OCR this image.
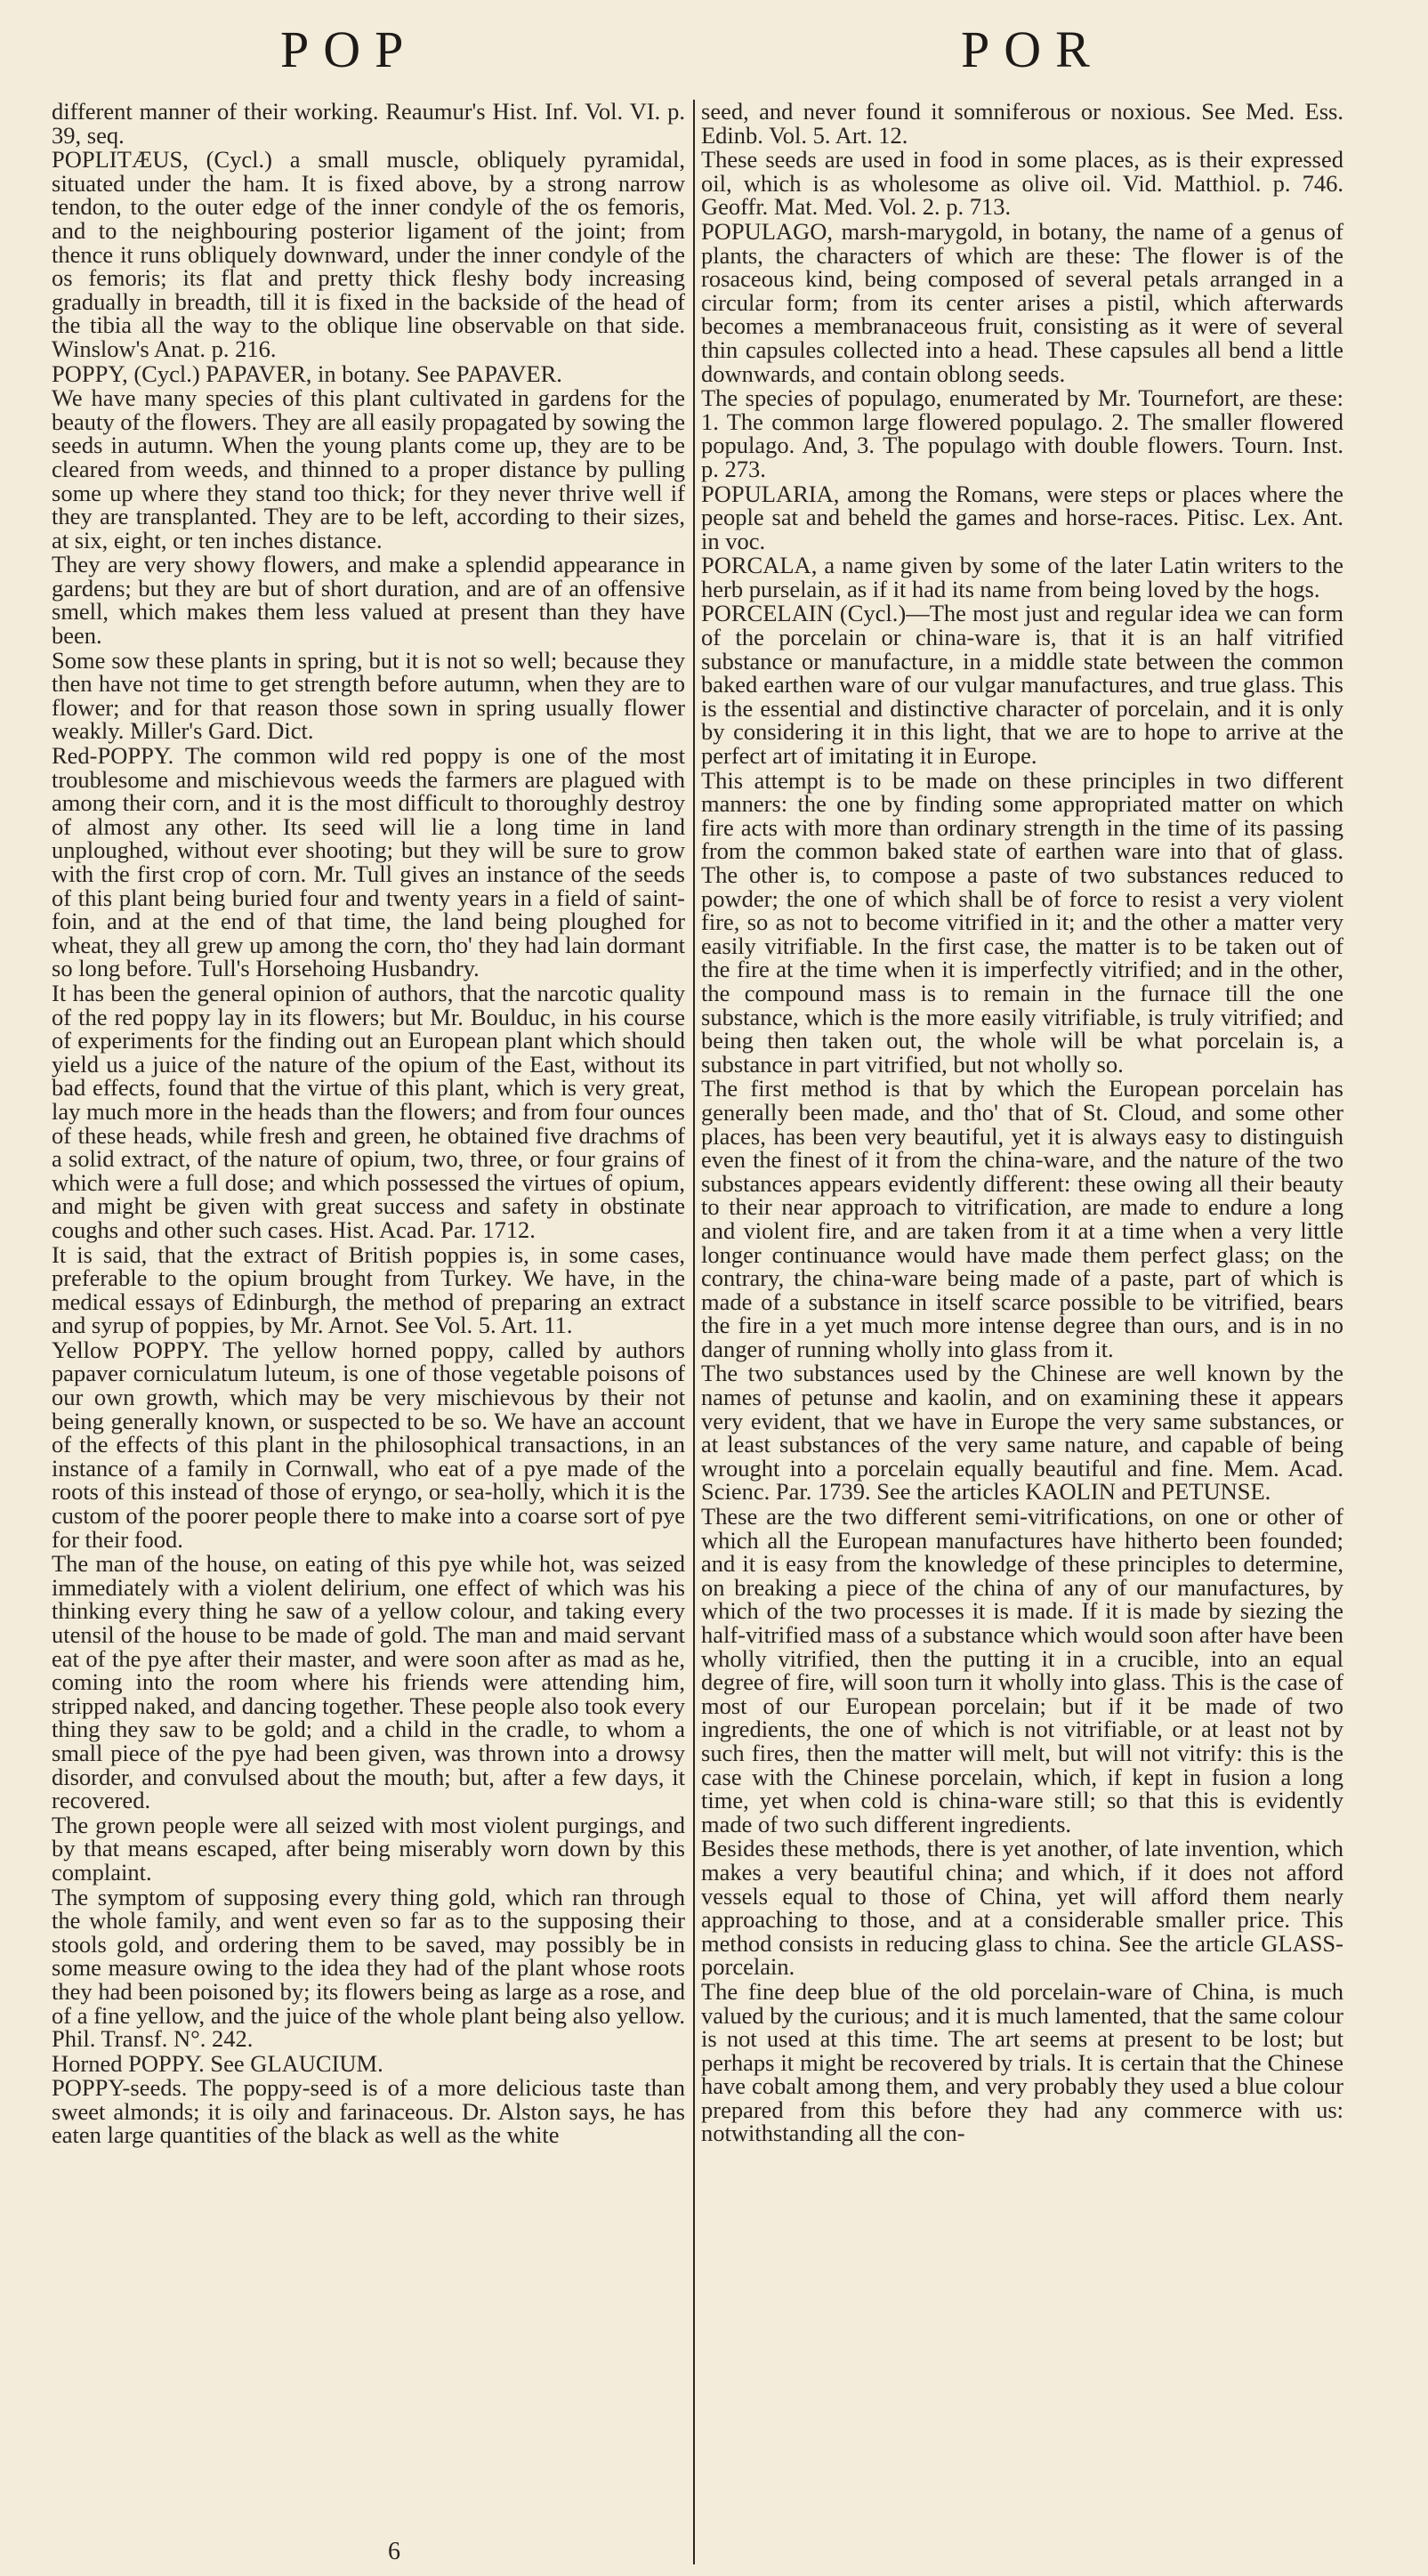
POP	POR

different manner of their working. Reaumur's Hist. Inf. Vol. VI. p. 39, seq.

POPLITÆUS, (Cycl.) a small muscle, obliquely pyramidal, situated under the ham. It is fixed above, by a strong narrow tendon, to the outer edge of the inner condyle of the os femoris, and to the neighbouring posterior ligament of the joint; from thence it runs obliquely downward, under the inner condyle of the os femoris; its flat and pretty thick fleshy body increasing gradually in breadth, till it is fixed in the backside of the head of the tibia all the way to the oblique line observable on that side. Winslow's Anat. p. 216.

POPPY, (Cycl.) PAPAVER, in botany. See PAPAVER.

We have many species of this plant cultivated in gardens for the beauty of the flowers. They are all easily propagated by sowing the seeds in autumn. When the young plants come up, they are to be cleared from weeds, and thinned to a proper distance by pulling some up where they stand too thick; for they never thrive well if they are transplanted. They are to be left, according to their sizes, at six, eight, or ten inches distance.

They are very showy flowers, and make a splendid appearance in gardens; but they are but of short duration, and are of an offensive smell, which makes them less valued at present than they have been.

Some sow these plants in spring, but it is not so well; because they then have not time to get strength before autumn, when they are to flower; and for that reason those sown in spring usually flower weakly. Miller's Gard. Dict.

Red-POPPY. The common wild red poppy is one of the most troublesome and mischievous weeds the farmers are plagued with among their corn, and it is the most difficult to thoroughly destroy of almost any other. Its seed will lie a long time in land unploughed, without ever shooting; but they will be sure to grow with the first crop of corn. Mr. Tull gives an instance of the seeds of this plant being buried four and twenty years in a field of saint-foin, and at the end of that time, the land being ploughed for wheat, they all grew up among the corn, tho' they had lain dormant so long before. Tull's Horsehoing Husbandry.

It has been the general opinion of authors, that the narcotic quality of the red poppy lay in its flowers; but Mr. Boulduc, in his course of experiments for the finding out an European plant which should yield us a juice of the nature of the opium of the East, without its bad effects, found that the virtue of this plant, which is very great, lay much more in the heads than the flowers; and from four ounces of these heads, while fresh and green, he obtained five drachms of a solid extract, of the nature of opium, two, three, or four grains of which were a full dose; and which possessed the virtues of opium, and might be given with great success and safety in obstinate coughs and other such cases. Hist. Acad. Par. 1712.

It is said, that the extract of British poppies is, in some cases, preferable to the opium brought from Turkey. We have, in the medical essays of Edinburgh, the method of preparing an extract and syrup of poppies, by Mr. Arnot. See Vol. 5. Art. 11.

Yellow POPPY. The yellow horned poppy, called by authors papaver corniculatum luteum, is one of those vegetable poisons of our own growth, which may be very mischievous by their not being generally known, or suspected to be so. We have an account of the effects of this plant in the philosophical transactions, in an instance of a family in Cornwall, who eat of a pye made of the roots of this instead of those of eryngo, or sea-holly, which it is the custom of the poorer people there to make into a coarse sort of pye for their food.

The man of the house, on eating of this pye while hot, was seized immediately with a violent delirium, one effect of which was his thinking every thing he saw of a yellow colour, and taking every utensil of the house to be made of gold. The man and maid servant eat of the pye after their master, and were soon after as mad as he, coming into the room where his friends were attending him, stripped naked, and dancing together. These people also took every thing they saw to be gold; and a child in the cradle, to whom a small piece of the pye had been given, was thrown into a drowsy disorder, and convulsed about the mouth; but, after a few days, it recovered.

The grown people were all seized with most violent purgings, and by that means escaped, after being miserably worn down by this complaint.

The symptom of supposing every thing gold, which ran through the whole family, and went even so far as to the supposing their stools gold, and ordering them to be saved, may possibly be in some measure owing to the idea they had of the plant whose roots they had been poisoned by; its flowers being as large as a rose, and of a fine yellow, and the juice of the whole plant being also yellow. Phil. Transf. N°. 242.

Horned POPPY. See GLAUCIUM.

POPPY-seeds. The poppy-seed is of a more delicious taste than sweet almonds; it is oily and farinaceous. Dr. Alston says, he has eaten large quantities of the black as well as the white

seed, and never found it somniferous or noxious. See Med. Ess. Edinb. Vol. 5. Art. 12.

These seeds are used in food in some places, as is their expressed oil, which is as wholesome as olive oil. Vid. Matthiol. p. 746. Geoffr. Mat. Med. Vol. 2. p. 713.

POPULAGO, marsh-marygold, in botany, the name of a genus of plants, the characters of which are these: The flower is of the rosaceous kind, being composed of several petals arranged in a circular form; from its center arises a pistil, which afterwards becomes a membranaceous fruit, consisting as it were of several thin capsules collected into a head. These capsules all bend a little downwards, and contain oblong seeds.

The species of populago, enumerated by Mr. Tournefort, are these: 1. The common large flowered populago. 2. The smaller flowered populago. And, 3. The populago with double flowers. Tourn. Inst. p. 273.

POPULARIA, among the Romans, were steps or places where the people sat and beheld the games and horse-races. Pitisc. Lex. Ant. in voc.

PORCALA, a name given by some of the later Latin writers to the herb purselain, as if it had its name from being loved by the hogs.

PORCELAIN (Cycl.)—The most just and regular idea we can form of the porcelain or china-ware is, that it is an half vitrified substance or manufacture, in a middle state between the common baked earthen ware of our vulgar manufactures, and true glass. This is the essential and distinctive character of porcelain, and it is only by considering it in this light, that we are to hope to arrive at the perfect art of imitating it in Europe.

This attempt is to be made on these principles in two different manners: the one by finding some appropriated matter on which fire acts with more than ordinary strength in the time of its passing from the common baked state of earthen ware into that of glass. The other is, to compose a paste of two substances reduced to powder; the one of which shall be of force to resist a very violent fire, so as not to become vitrified in it; and the other a matter very easily vitrifiable. In the first case, the matter is to be taken out of the fire at the time when it is imperfectly vitrified; and in the other, the compound mass is to remain in the furnace till the one substance, which is the more easily vitrifiable, is truly vitrified; and being then taken out, the whole will be what porcelain is, a substance in part vitrified, but not wholly so.

The first method is that by which the European porcelain has generally been made, and tho' that of St. Cloud, and some other places, has been very beautiful, yet it is always easy to distinguish even the finest of it from the china-ware, and the nature of the two substances appears evidently different: these owing all their beauty to their near approach to vitrification, are made to endure a long and violent fire, and are taken from it at a time when a very little longer continuance would have made them perfect glass; on the contrary, the china-ware being made of a paste, part of which is made of a substance in itself scarce possible to be vitrified, bears the fire in a yet much more intense degree than ours, and is in no danger of running wholly into glass from it.

The two substances used by the Chinese are well known by the names of petunse and kaolin, and on examining these it appears very evident, that we have in Europe the very same substances, or at least substances of the very same nature, and capable of being wrought into a porcelain equally beautiful and fine. Mem. Acad. Scienc. Par. 1739. See the articles KAOLIN and PETUNSE.

These are the two different semi-vitrifications, on one or other of which all the European manufactures have hitherto been founded; and it is easy from the knowledge of these principles to determine, on breaking a piece of the china of any of our manufactures, by which of the two processes it is made. If it is made by siezing the half-vitrified mass of a substance which would soon after have been wholly vitrified, then the putting it in a crucible, into an equal degree of fire, will soon turn it wholly into glass. This is the case of most of our European porcelain; but if it be made of two ingredients, the one of which is not vitrifiable, or at least not by such fires, then the matter will melt, but will not vitrify: this is the case with the Chinese porcelain, which, if kept in fusion a long time, yet when cold is china-ware still; so that this is evidently made of two such different ingredients.

Besides these methods, there is yet another, of late invention, which makes a very beautiful china; and which, if it does not afford vessels equal to those of China, yet will afford them nearly approaching to those, and at a considerable smaller price. This method consists in reducing glass to china. See the article GLASS-porcelain.

The fine deep blue of the old porcelain-ware of China, is much valued by the curious; and it is much lamented, that the same colour is not used at this time. The art seems at present to be lost; but perhaps it might be recovered by trials. It is certain that the Chinese have cobalt among them, and very probably they used a blue colour prepared from this before they had any commerce with us: notwithstanding all the con-

6
